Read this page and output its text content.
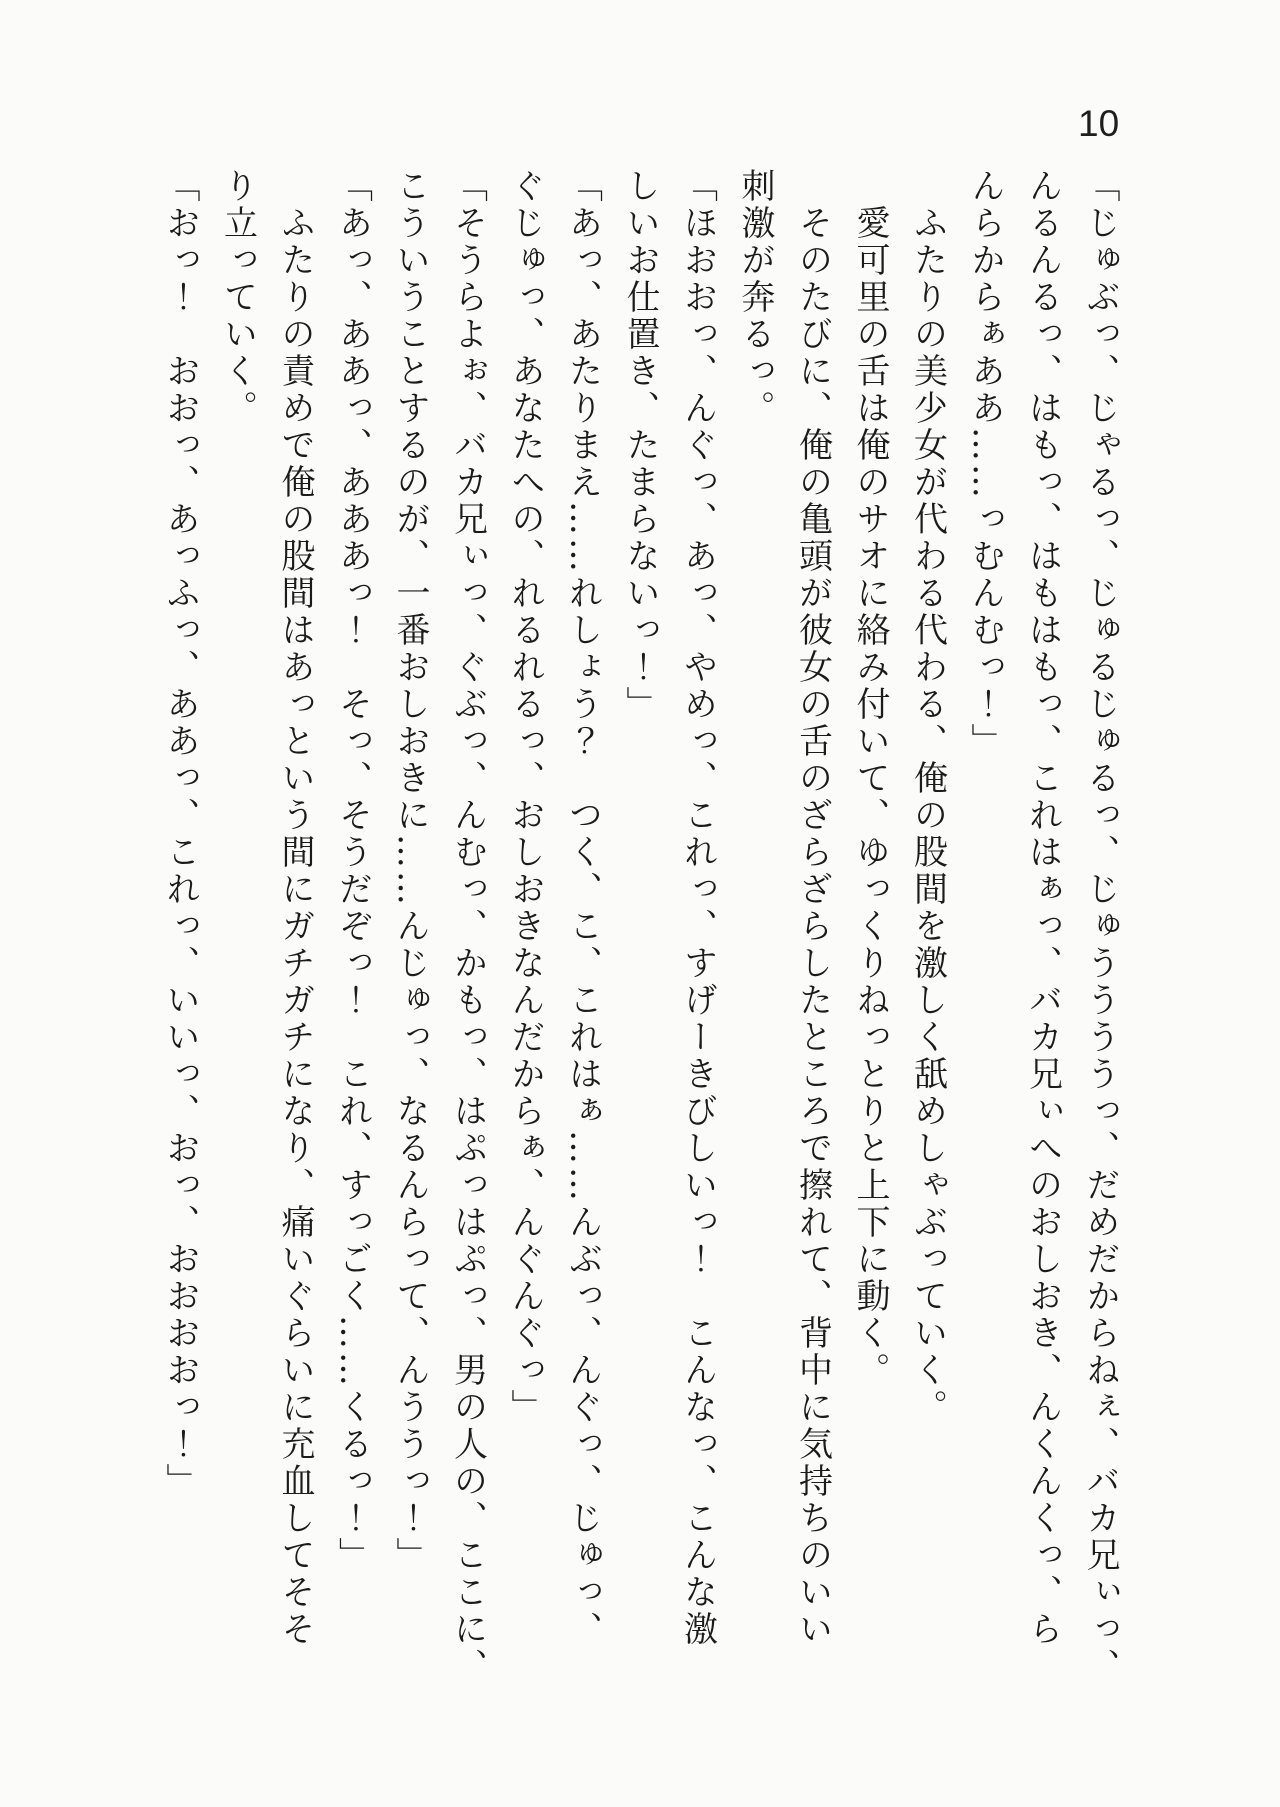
10
「じゅぶっ、じゃるっ、じゅるじゅるっ、じゅううううっ、だめだからねぇ、バカ兄ぃっ、
んるんるっ、はもっ、はもはもっ、これはぁっ、バカ兄ぃへのおしおき、んくんくっ、ら
んらからぁああ……っむんむっ！」
　ふたりの美少女が代わる代わる、俺の股間を激しく舐めしゃぶっていく。
　愛可里の舌は俺のサオに絡み付いて、ゆっくりねっとりと上下に動く。
　そのたびに、俺の亀頭が彼女の舌のざらざらしたところで擦れて、背中に気持ちのいい
刺激が奔るっ。
「ほおおっ、んぐっ、あっ、やめっ、これっ、すげーきびしいっ！　こんなっ、こんな激
しいお仕置き、たまらないっ！」
「あっ、あたりまえ……れしょう？　つく、こ、これはぁ……んぶっ、んぐっ、じゅっ、
ぐじゅっ、あなたへの、れるれるっ、おしおきなんだからぁ、んぐんぐっ」
「そうらよぉ、バカ兄ぃっ、ぐぶっ、んむっ、かもっ、はぷっはぷっ、男の人の、ここに、
こういうことするのが、一番おしおきに……んじゅっ、なるんらって、んううっ！」
「あっ、ああっ、あああっ！　そっ、そうだぞっ！　これ、すっごく……くるっ！」
　ふたりの責めで俺の股間はあっという間にガチガチになり、痛いぐらいに充血してそそ
り立っていく。
「おっ！　おおっ、あっふっ、ああっ、これっ、いいっ、おっ、おおおおっ！」
